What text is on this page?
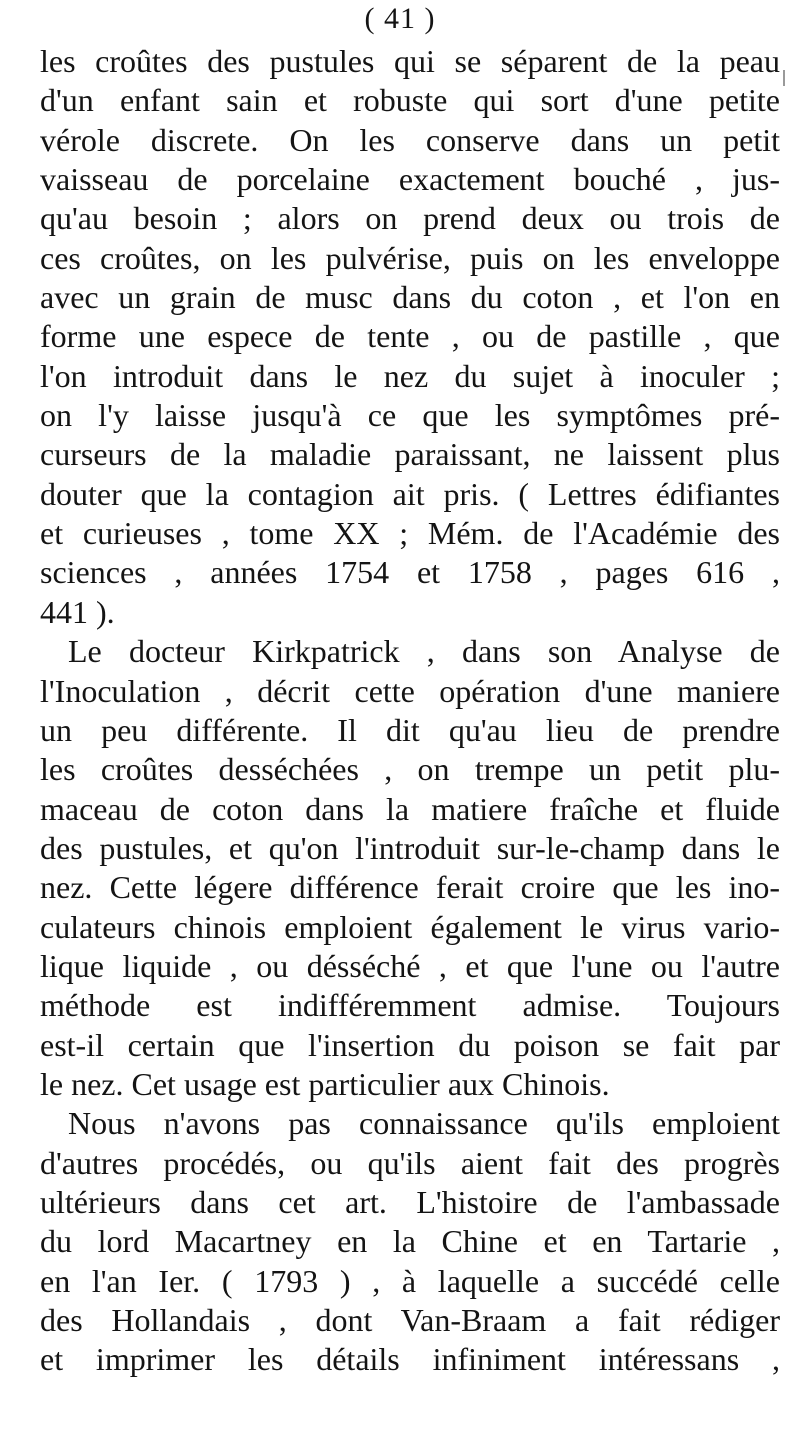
( 41 )
les croûtes des pustules qui se séparent de la peau
d'un enfant sain et robuste qui sort d'une petite
vérole discrete. On les conserve dans un petit
vaisseau de porcelaine exactement bouché , jus-
qu'au besoin ; alors on prend deux ou trois de
ces croûtes, on les pulvérise, puis on les enveloppe
avec un grain de musc dans du coton , et l'on en
forme une espece de tente , ou de pastille , que
l'on introduit dans le nez du sujet à inoculer ;
on l'y laisse jusqu'à ce que les symptômes pré-
curseurs de la maladie paraissant, ne laissent plus
douter que la contagion ait pris. ( Lettres édifiantes
et curieuses , tome XX ; Mém. de l'Académie des
sciences , années 1754 et 1758 , pages 616 ,
441 ).
Le docteur Kirkpatrick , dans son Analyse de
l'Inoculation , décrit cette opération d'une maniere
un peu différente. Il dit qu'au lieu de prendre
les croûtes desséchées , on trempe un petit plu-
maceau de coton dans la matiere fraîche et fluide
des pustules, et qu'on l'introduit sur-le-champ dans le
nez. Cette légere différence ferait croire que les ino-
culateurs chinois emploient également le virus vario-
lique liquide , ou désséché , et que l'une ou l'autre
méthode est indifféremment admise. Toujours
est-il certain que l'insertion du poison se fait par
le nez. Cet usage est particulier aux Chinois.
Nous n'avons pas connaissance qu'ils emploient
d'autres procédés, ou qu'ils aient fait des progrès
ultérieurs dans cet art. L'histoire de l'ambassade
du lord Macartney en la Chine et en Tartarie ,
en l'an Ier. ( 1793 ) , à laquelle a succédé celle
des Hollandais , dont Van-Braam a fait rédiger
et imprimer les détails infiniment intéressans ,
